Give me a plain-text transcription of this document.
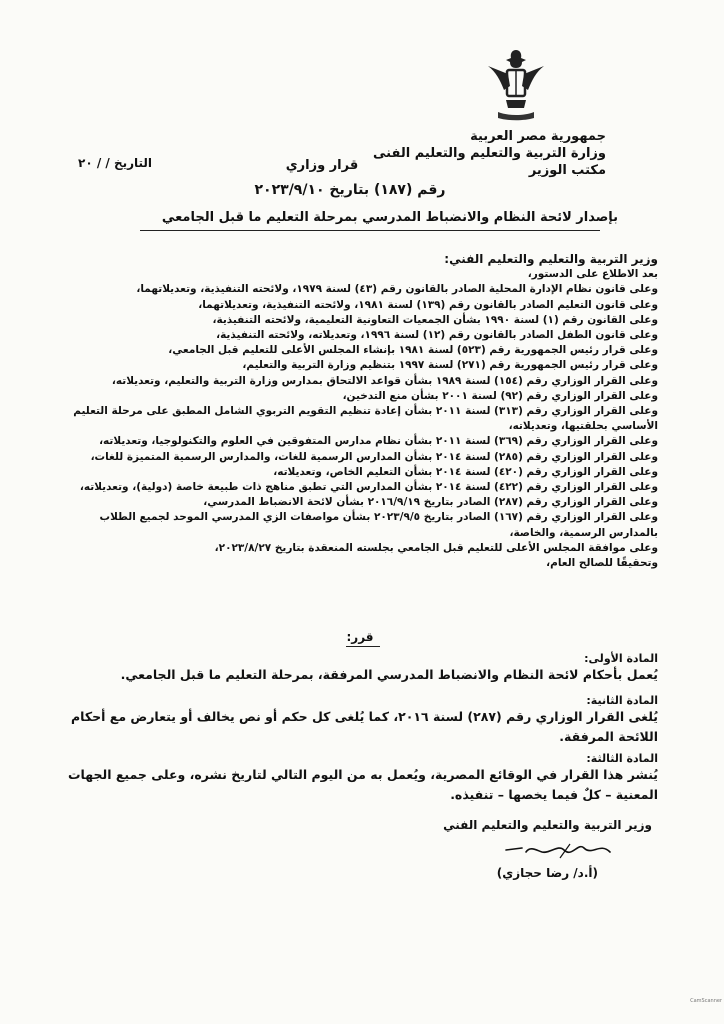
جمهورية مصر العربية
وزارة التربية والتعليم والتعليم الفنى
مكتب الوزير
التاريخ / / ٢٠	قرار وزاري
رقم (١٨٧) بتاريخ ٢٠٢٣/٩/١٠
بإصدار لائحة النظام والانضباط المدرسي بمرحلة التعليم ما قبل الجامعي

وزير التربية والتعليم والتعليم الفني:

بعد الاطلاع على الدستور،

وعلى قانون نظام الإدارة المحلية الصادر بالقانون رقم (٤٣) لسنة ١٩٧٩، ولائحته التنفيذية، وتعديلاتهما،

وعلى قانون التعليم الصادر بالقانون رقم (١٣٩) لسنة ١٩٨١، ولائحته التنفيذية، وتعديلاتهما،

وعلى القانون رقم (١) لسنة ١٩٩٠ بشأن الجمعيات التعاونية التعليمية، ولائحته التنفيذية،

وعلى قانون الطفل الصادر بالقانون رقم (١٢) لسنة ١٩٩٦، وتعديلاته، ولائحته التنفيذية،

وعلى قرار رئيس الجمهورية رقم (٥٢٣) لسنة ١٩٨١ بإنشاء المجلس الأعلى للتعليم قبل الجامعي،

وعلى قرار رئيس الجمهورية رقم (٢٧١) لسنة ١٩٩٧ بتنظيم وزارة التربية والتعليم،

وعلى القرار الوزاري رقم (١٥٤) لسنة ١٩٨٩ بشأن قواعد الالتحاق بمدارس وزارة التربية والتعليم، وتعديلاته،

وعلى القرار الوزاري رقم (٩٢) لسنة ٢٠٠١ بشأن منع التدخين،

وعلى القرار الوزاري رقم (٣١٣) لسنة ٢٠١١ بشأن إعادة تنظيم التقويم التربوي الشامل المطبق على مرحلة التعليم الأساسي بحلقتيها، وتعديلاته،

وعلى القرار الوزاري رقم (٣٦٩) لسنة ٢٠١١ بشأن نظام مدارس المتفوقين في العلوم والتكنولوجيا، وتعديلاته،

وعلى القرار الوزاري رقم (٢٨٥) لسنة ٢٠١٤ بشأن المدارس الرسمية للغات، والمدارس الرسمية المتميزة للغات،

وعلى القرار الوزاري رقم (٤٢٠) لسنة ٢٠١٤ بشأن التعليم الخاص، وتعديلاته،

وعلى القرار الوزاري رقم (٤٢٢) لسنة ٢٠١٤ بشأن المدارس التي تطبق مناهج ذات طبيعة خاصة (دولية)، وتعديلاته،

وعلى القرار الوزاري رقم (٢٨٧) الصادر بتاريخ ٢٠١٦/٩/١٩ بشأن لائحة الانضباط المدرسي،

وعلى القرار الوزاري رقم (١٦٧) الصادر بتاريخ ٢٠٢٣/٩/٥ بشأن مواصفات الزي المدرسي الموحد لجميع الطلاب بالمدارس الرسمية، والخاصة،

وعلى موافقة المجلس الأعلى للتعليم قبل الجامعي بجلسته المنعقدة بتاريخ ٢٠٢٣/٨/٢٧،

وتحقيقًا للصالح العام،

قرر:
المادة الأولى:
يُعمل بأحكام لائحة النظام والانضباط المدرسي المرفقة، بمرحلة التعليم ما قبل الجامعي.
المادة الثانية:
يُلغى القرار الوزاري رقم (٢٨٧) لسنة ٢٠١٦، كما يُلغى كل حكم أو نص يخالف أو يتعارض مع أحكام اللائحة المرفقة.
المادة الثالثة:
يُنشر هذا القرار في الوقائع المصرية، ويُعمل به من اليوم التالي لتاريخ نشره، وعلى جميع الجهات المعنية – كلٌ فيما يخصها – تنفيذه.
وزير التربية والتعليم والتعليم الفني
(أ.د/ رضا حجازي)
CamScanner
